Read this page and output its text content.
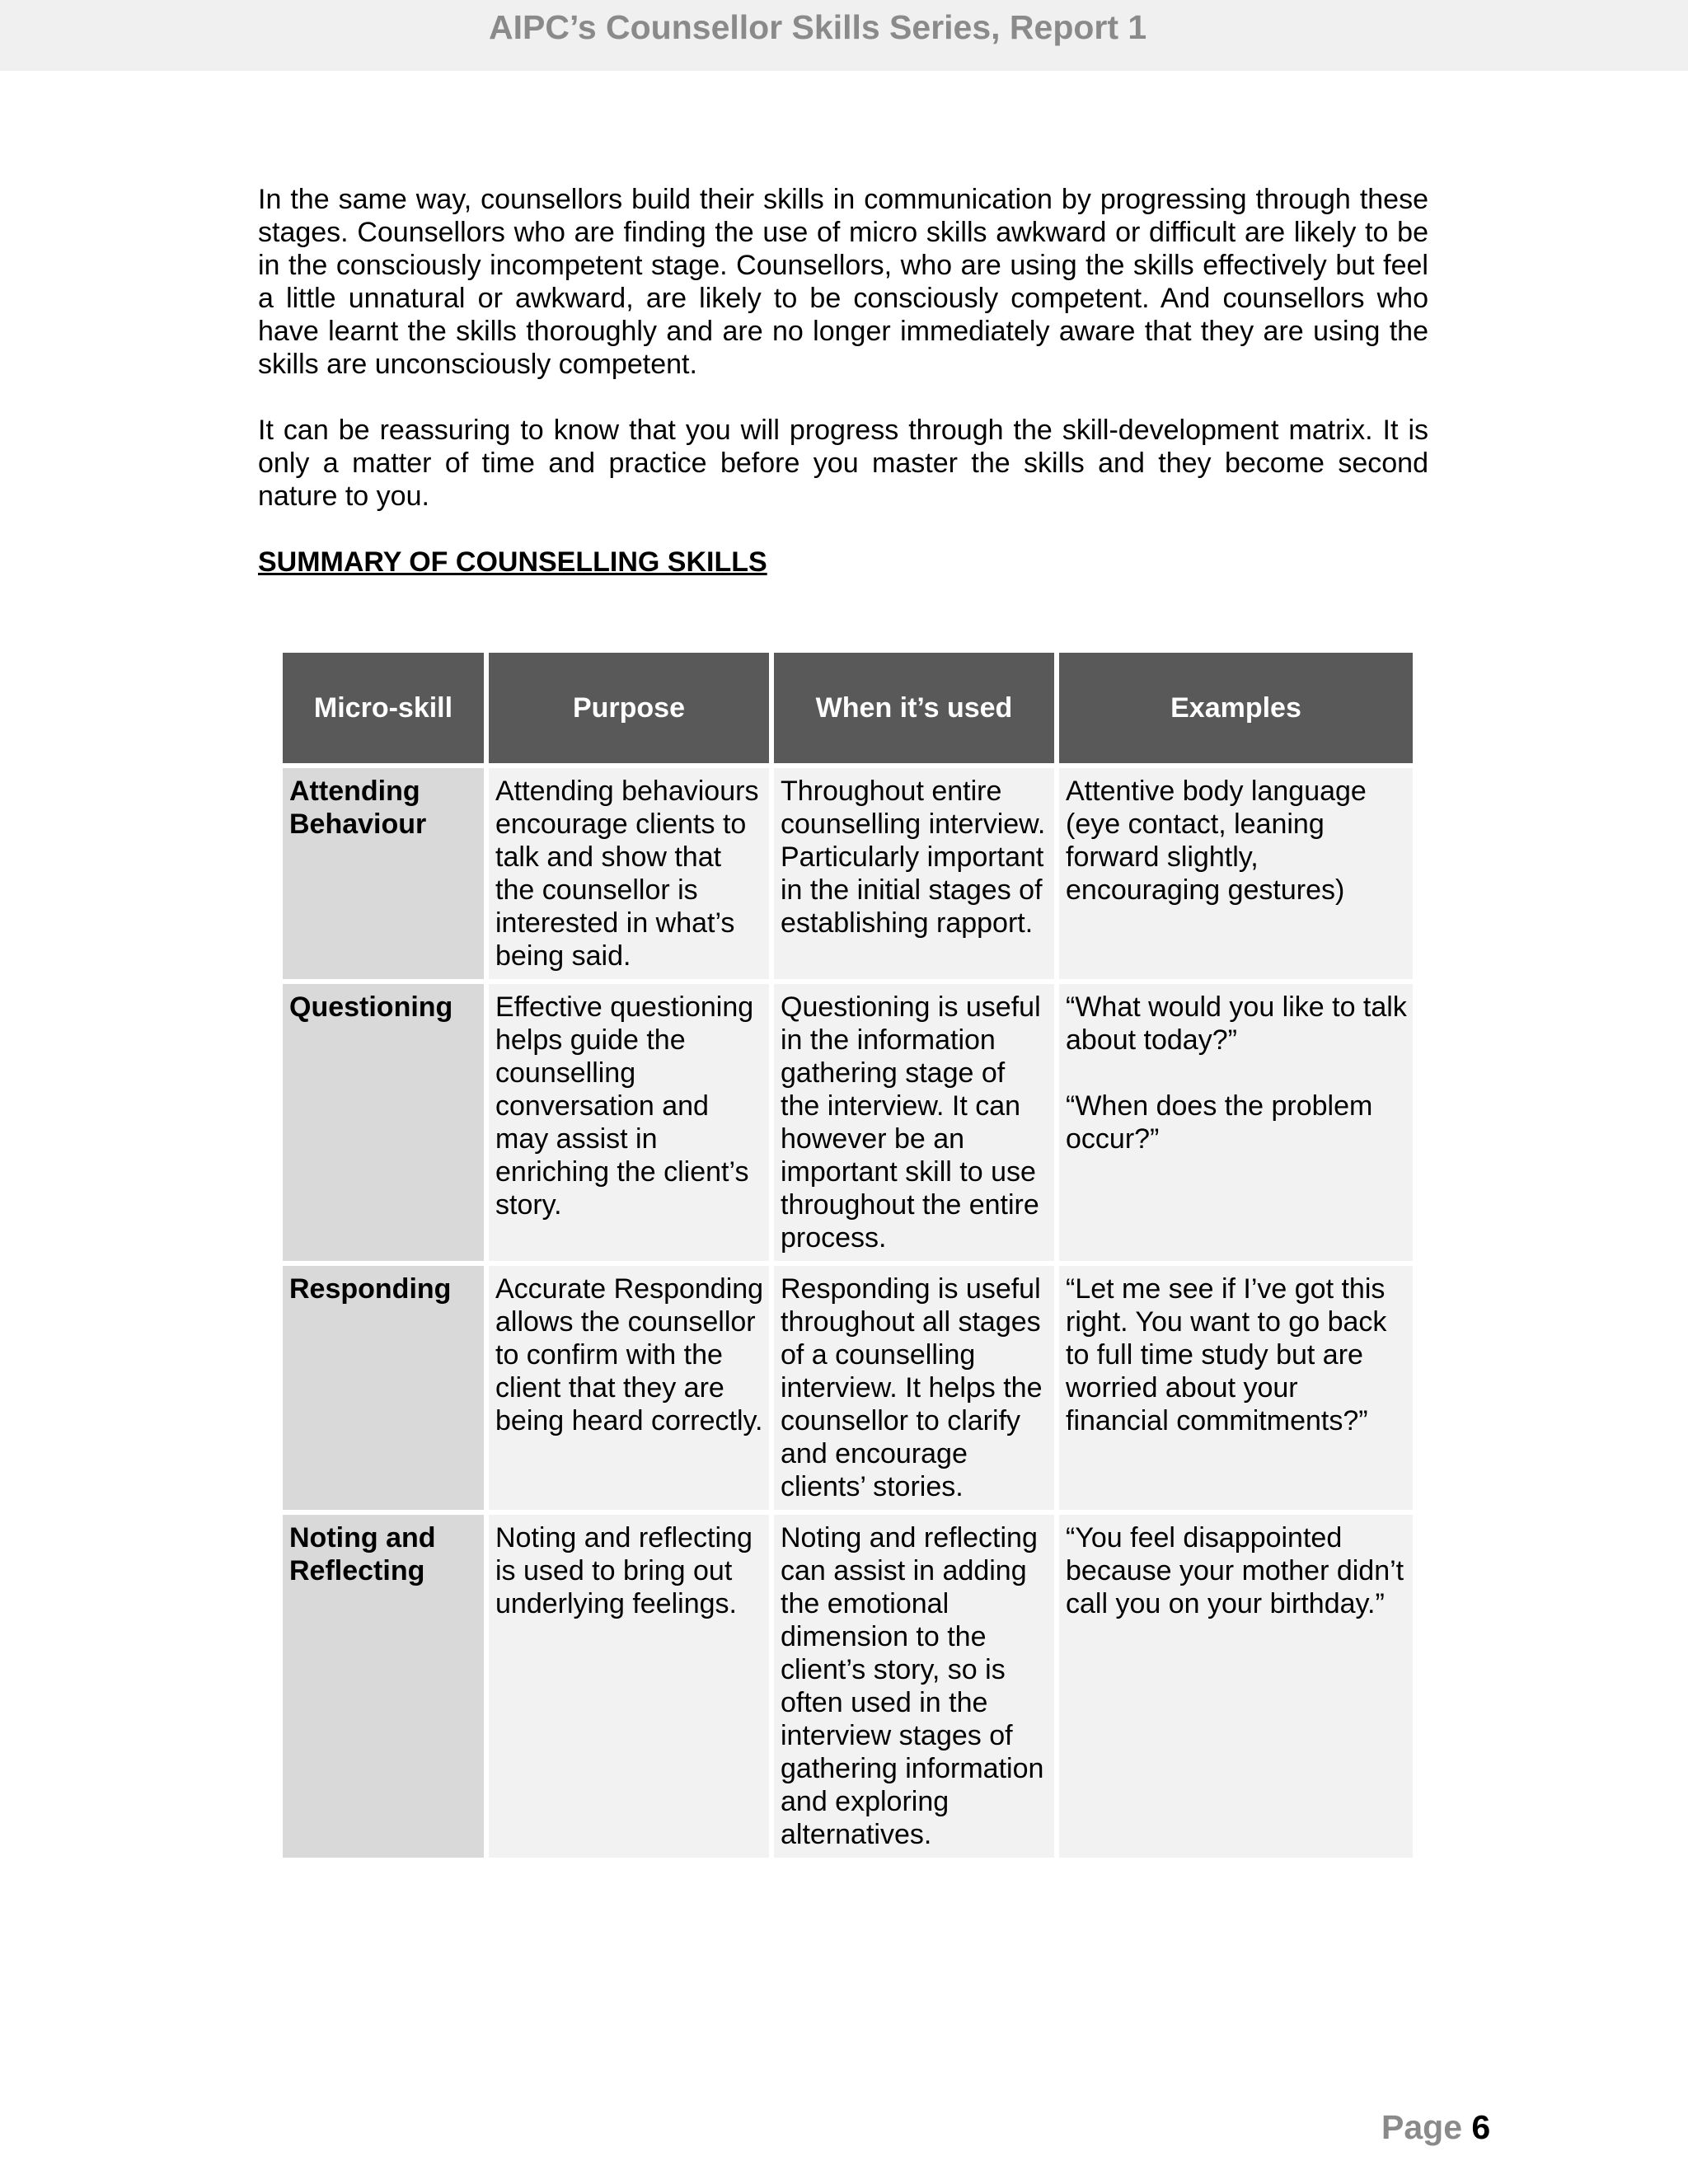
AIPC’s Counsellor Skills Series, Report 1

In the same way, counsellors build their skills in communication by progressing through these stages. Counsellors who are finding the use of micro skills awkward or difficult are likely to be in the consciously incompetent stage. Counsellors, who are using the skills effectively but feel a little unnatural or awkward, are likely to be consciously competent. And counsellors who have learnt the skills thoroughly and are no longer immediately aware that they are using the skills are unconsciously competent.

It can be reassuring to know that you will progress through the skill-development matrix. It is only a matter of time and practice before you master the skills and they become second nature to you.

SUMMARY OF COUNSELLING SKILLS

Micro-skill	Purpose	When it’s used	Examples
Attending Behaviour	Attending behaviours encourage clients to talk and show that the counsellor is interested in what’s being said.	Throughout entire counselling interview. Particularly important in the initial stages of establishing rapport.	Attentive body language (eye contact, leaning forward slightly, encouraging gestures)

Questioning	Effective questioning helps guide the counselling conversation and may assist in enriching the client’s story.	Questioning is useful in the information gathering stage of the interview. It can however be an important skill to use throughout the entire process.	“What would you like to talk about today?”
“When does the problem occur?”

Responding	Accurate Responding allows the counsellor to confirm with the client that they are being heard correctly.	Responding is useful throughout all stages of a counselling interview. It helps the counsellor to clarify and encourage clients’ stories.	“Let me see if I’ve got this right. You want to go back to full time study but are worried about your financial commitments?”

Noting and Reflecting	Noting and reflecting is used to bring out underlying feelings.	Noting and reflecting can assist in adding the emotional dimension to the client’s story, so is often used in the interview stages of gathering information and exploring alternatives.	“You feel disappointed because your mother didn’t call you on your birthday.”
Page 6
